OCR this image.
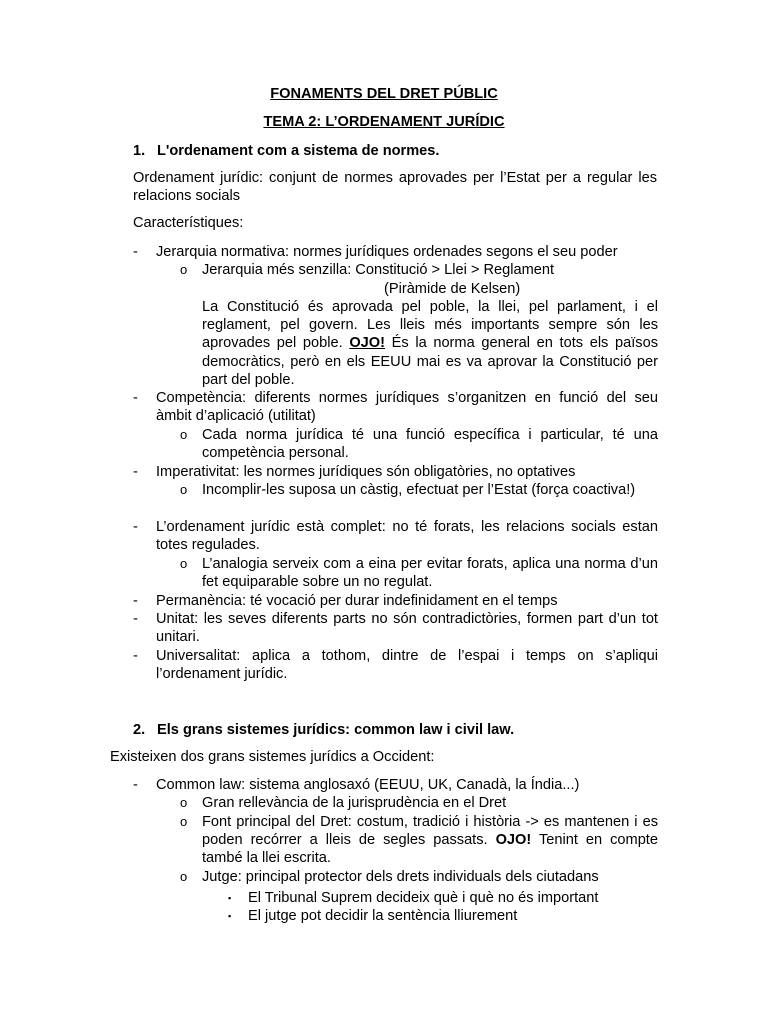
FONAMENTS DEL DRET PÚBLIC
TEMA 2: L’ORDENAMENT JURÍDIC
1. L'ordenament com a sistema de normes.
Ordenament jurídic: conjunt de normes aprovades per l’Estat per a regular les relacions socials
Característiques:
- Jerarquia normativa: normes jurídiques ordenades segons el seu poder
o Jerarquia més senzilla: Constitució > Llei > Reglament
(Piràmide de Kelsen)
La Constitució és aprovada pel poble, la llei, pel parlament, i el reglament, pel govern. Les lleis més importants sempre són les aprovades pel poble. OJO! És la norma general en tots els països democràtics, però en els EEUU mai es va aprovar la Constitució per part del poble.
- Competència: diferents normes jurídiques s’organitzen en funció del seu àmbit d’aplicació (utilitat)
o Cada norma jurídica té una funció específica i particular, té una competència personal.
- Imperativitat: les normes jurídiques són obligatòries, no optatives
o Incomplir-les suposa un càstig, efectuat per l’Estat (força coactiva!)
- L’ordenament jurídic està complet: no té forats, les relacions socials estan totes regulades.
o L’analogia serveix com a eina per evitar forats, aplica una norma d’un fet equiparable sobre un no regulat.
- Permanència: té vocació per durar indefinidament en el temps
- Unitat: les seves diferents parts no són contradictòries, formen part d’un tot unitari.
- Universalitat: aplica a tothom, dintre de l’espai i temps on s’apliqui l’ordenament jurídic.
2. Els grans sistemes jurídics: common law i civil law.
Existeixen dos grans sistemes jurídics a Occident:
- Common law: sistema anglosaxó (EEUU, UK, Canadà, la Índia...)
o Gran rellevància de la jurisprudència en el Dret
o Font principal del Dret: costum, tradició i història -> es mantenen i es poden recórrer a lleis de segles passats. OJO! Tenint en compte també la llei escrita.
o Jutge: principal protector dels drets individuals dels ciutadans
▪ El Tribunal Suprem decideix què i què no és important
▪ El jutge pot decidir la sentència lliurement
